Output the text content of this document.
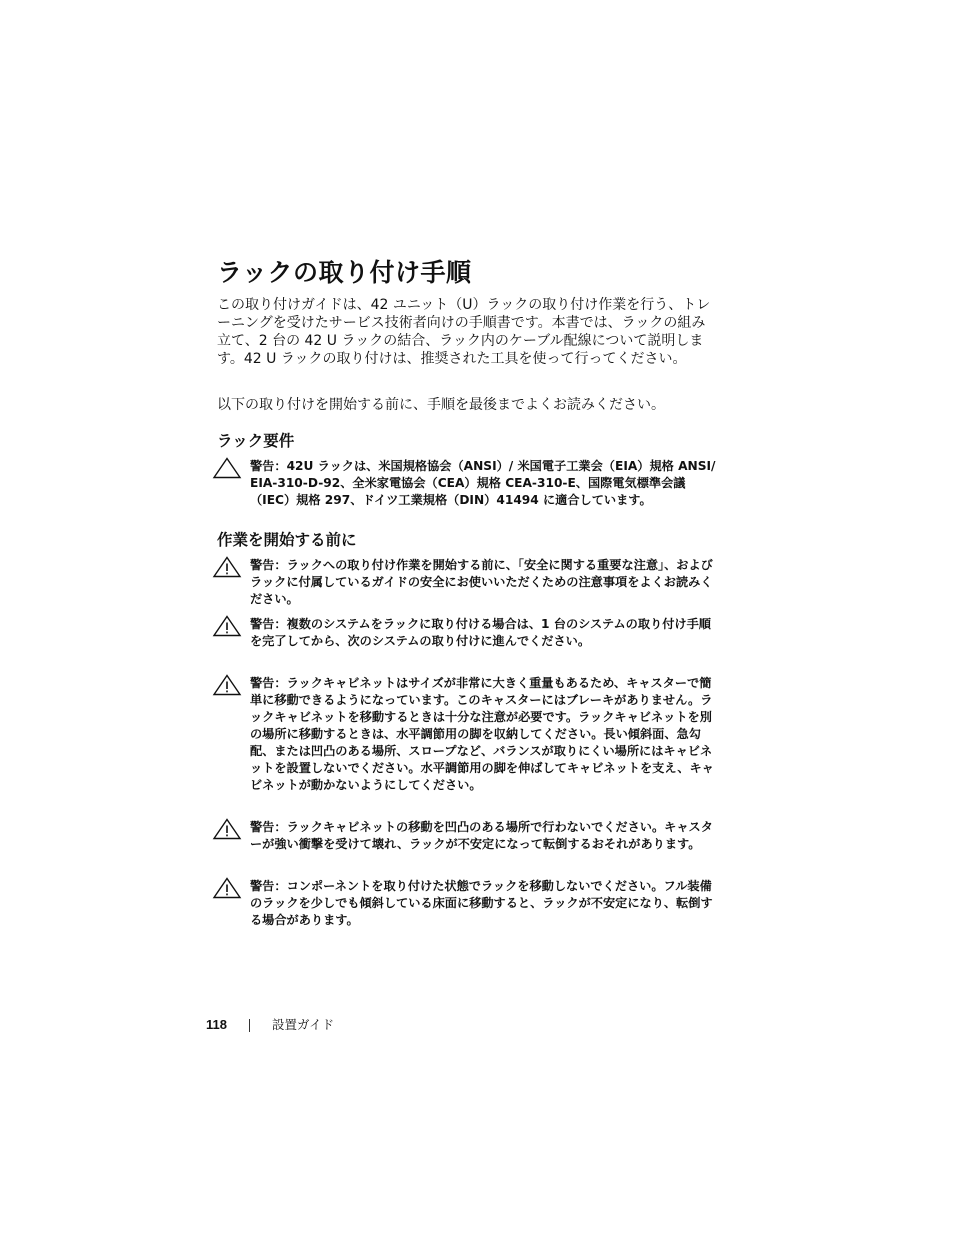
ラックの取り付け手順

この取り付けガイドは、42 ユニット（U）ラックの取り付け作業を行う、トレーニングを受けたサービス技術者向けの手順書です。本書では、ラックの組み立て、2 台の 42 U ラックの結合、ラック内のケーブル配線について説明します。42 U ラックの取り付けは、推奨された工具を使って行ってください。

以下の取り付けを開始する前に、手順を最後までよくお読みください。

ラック要件
警告：42U ラックは、米国規格協会（ANSI）/ 米国電子工業会（EIA）規格 ANSI/ EIA-310-D-92、全米家電協会（CEA）規格 CEA-310-E、国際電気標準会議（IEC）規格 297、ドイツ工業規格（DIN）41494 に適合しています。
作業を開始する前に
警告：ラックへの取り付け作業を開始する前に、「安全に関する重要な注意」、およびラックに付属しているガイドの安全にお使いいただくための注意事項をよくお読みください。
警告：複数のシステムをラックに取り付ける場合は、1 台のシステムの取り付け手順を完了してから、次のシステムの取り付けに進んでください。
警告：ラックキャビネットはサイズが非常に大きく重量もあるため、キャスターで簡単に移動できるようになっています。このキャスターにはブレーキがありません。ラックキャビネットを移動するときは十分な注意が必要です。ラックキャビネットを別の場所に移動するときは、水平調節用の脚を収納してください。長い傾斜面、急勾配、または凹凸のある場所、スロープなど、バランスが取りにくい場所にはキャビネットを設置しないでください。水平調節用の脚を伸ばしてキャビネットを支え、キャビネットが動かないようにしてください。
警告：ラックキャビネットの移動を凹凸のある場所で行わないでください。キャスターが強い衝撃を受けて壊れ、ラックが不安定になって転倒するおそれがあります。
警告：コンポーネントを取り付けた状態でラックを移動しないでください。フル装備のラックを少しでも傾斜している床面に移動すると、ラックが不安定になり、転倒する場合があります。
118	設置ガイド
